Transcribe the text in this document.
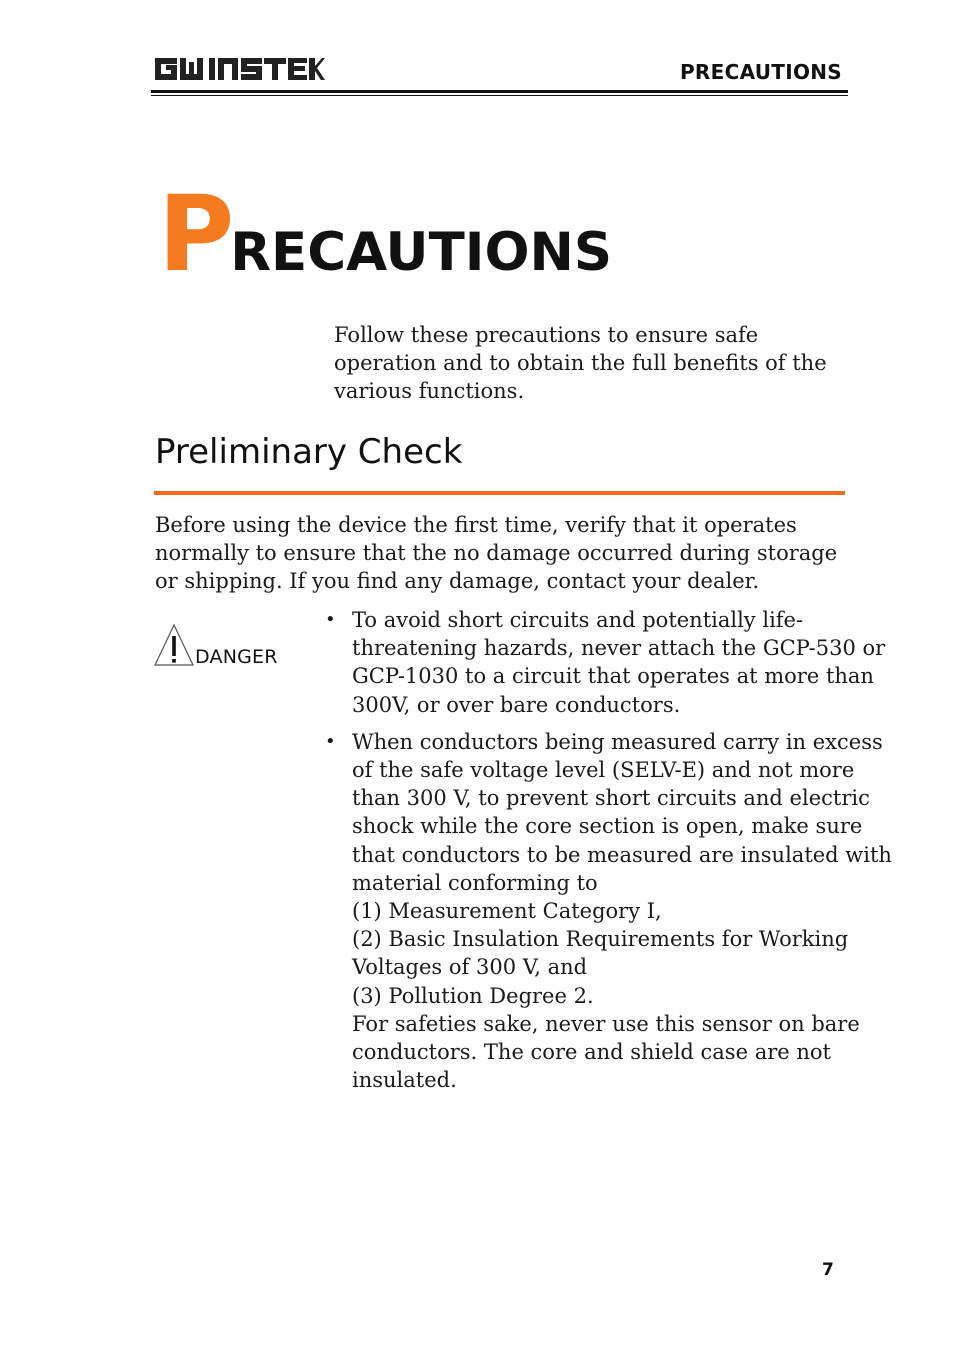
PRECAUTIONS
PRECAUTIONS

Follow these precautions to ensure safe operation and to obtain the full benefits of the various functions.

Preliminary Check

Before using the device the first time, verify that it operates normally to ensure that the no damage occurred during storage or shipping. If you find any damage, contact your dealer.

DANGER
• To avoid short circuits and potentially life-
threatening hazards, never attach the GCP-530 or
GCP-1030 to a circuit that operates at more than
300V, or over bare conductors.
• When conductors being measured carry in excess
of the safe voltage level (SELV-E) and not more
than 300 V, to prevent short circuits and electric
shock while the core section is open, make sure
that conductors to be measured are insulated with
material conforming to
(1) Measurement Category Ⅰ,
(2) Basic Insulation Requirements for Working
Voltages of 300 V, and
(3) Pollution Degree 2.
For safeties sake, never use this sensor on bare
conductors. The core and shield case are not
insulated.
7
